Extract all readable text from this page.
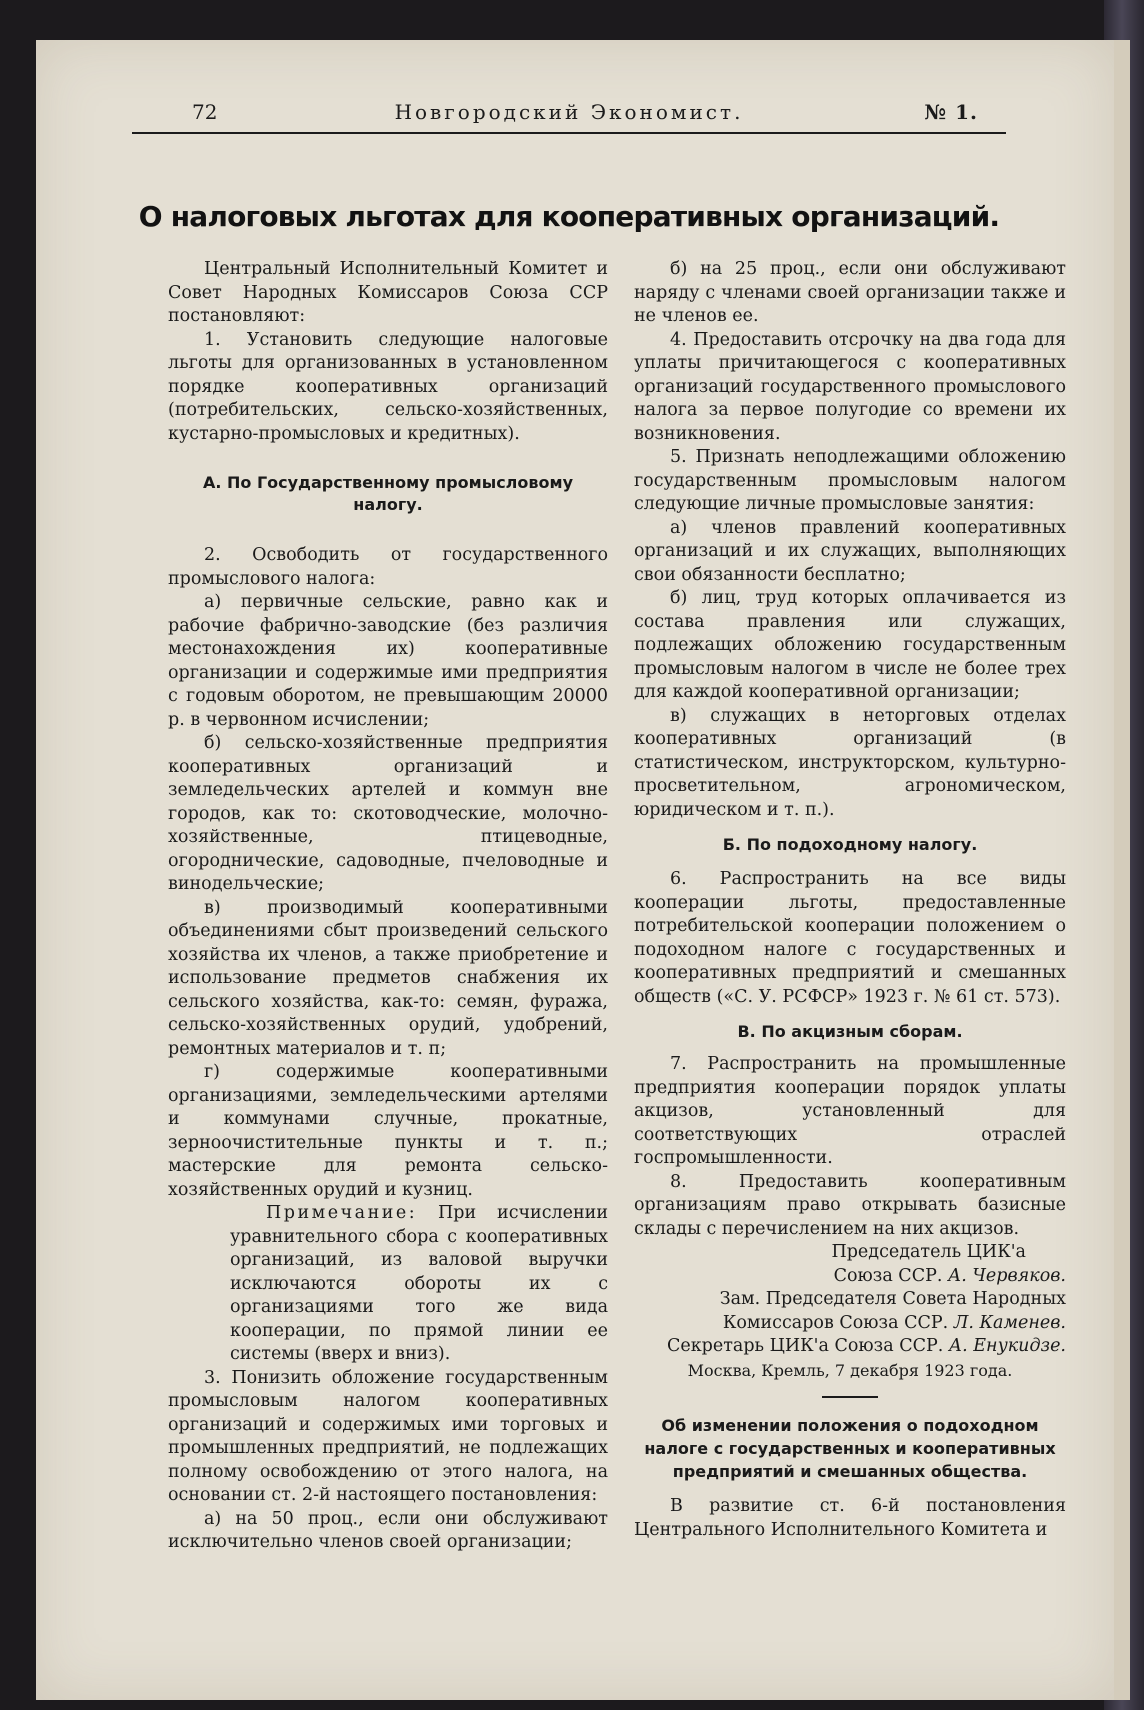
72	Новгородский Экономист.	№ 1.
О налоговых льготах для кооперативных организаций.

Центральный Исполнительный Комитет и Совет Народных Комиссаров Союза ССР постановляют:

1. Установить следующие налоговые льготы для организованных в установленном порядке кооперативных организаций (потребительских, сельско-хозяйственных, кустарно-промысловых и кредитных).

А. По Государственному промысловому налогу.

2. Освободить от государственного промыслового налога:

а) первичные сельские, равно как и рабочие фабрично-заводские (без различия местонахождения их) кооперативные организации и содержимые ими предприятия с годовым оборотом, не превышающим 20000 р. в червонном исчислении;

б) сельско-хозяйственные предприятия кооперативных организаций и земледельческих артелей и коммун вне городов, как то: скотоводческие, молочно-хозяйственные, птицеводные, огороднические, садоводные, пчеловодные и винодельческие;

в) производимый кооперативными объединениями сбыт произведений сельского хозяйства их членов, а также приобретение и использование предметов снабжения их сельского хозяйства, как-то: семян, фуража, сельско-хозяйственных орудий, удобрений, ремонтных материалов и т. п;

г) содержимые кооперативными организациями, земледельческими артелями и коммунами случные, прокатные, зерноочистительные пункты и т. п.; мастерские для ремонта сельско-хозяйственных орудий и кузниц.

Примечание: При исчислении уравнительного сбора с кооперативных организаций, из валовой выручки исключаются обороты их с организациями того же вида кооперации, по прямой линии ее системы (вверх и вниз).

3. Понизить обложение государственным промысловым налогом кооперативных организаций и содержимых ими торговых и промышленных предприятий, не подлежащих полному освобождению от этого налога, на основании ст. 2-й настоящего постановления:

а) на 50 проц., если они обслуживают исключительно членов своей организации;

б) на 25 проц., если они обслуживают наряду с членами своей организации также и не членов ее.

4. Предоставить отсрочку на два года для уплаты причитающегося с кооперативных организаций государственного промыслового налога за первое полугодие со времени их возникновения.

5. Признать неподлежащими обложению государственным промысловым налогом следующие личные промысловые занятия:

а) членов правлений кооперативных организаций и их служащих, выполняющих свои обязанности бесплатно;

б) лиц, труд которых оплачивается из состава правления или служащих, подлежащих обложению государственным промысловым налогом в числе не более трех для каждой кооперативной организации;

в) служащих в неторговых отделах кооперативных организаций (в статистическом, инструкторском, культурно-просветительном, агрономическом, юридическом и т. п.).

Б. По подоходному налогу.

6. Распространить на все виды кооперации льготы, предоставленные потребительской кооперации положением о подоходном налоге с государственных и кооперативных предприятий и смешанных обществ («С. У. РСФСР» 1923 г. № 61 ст. 573).

В. По акцизным сборам.

7. Распространить на промышленные предприятия кооперации порядок уплаты акцизов, установленный для соответствующих отраслей госпромышленности.

8. Предоставить кооперативным организациям право открывать базисные склады с перечислением на них акцизов.

Председатель ЦИК'а

Союза ССР. А. Червяков.

Зам. Председателя Совета Народных

Комиссаров Союза ССР. Л. Каменев.

Секретарь ЦИК'а Союза ССР. А. Енукидзе.

Москва, Кремль, 7 декабря 1923 года.

Об изменении положения о подоходном налоге с государственных и кооперативных предприятий и смешанных общества.

В развитие ст. 6-й постановления Центрального Исполнительного Комитета и
